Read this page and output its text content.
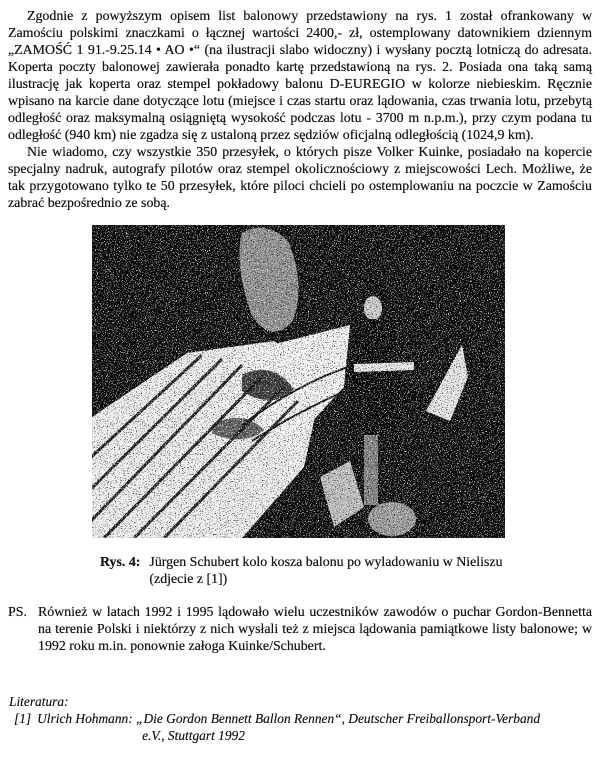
Zgodnie z powyższym opisem list balonowy przedstawiony na rys. 1 został ofrankowany w Zamościu polskimi znaczkami o łącznej wartości 2400,- zł, ostemplowany datownikiem dziennym „ZAMOŚĆ 1 91.-9.25.14 • AO •“ (na ilustracji slabo widoczny) i wysłany pocztą lotniczą do adresata. Koperta poczty balonowej zawierała ponadto kartę przedstawioną na rys. 2. Posiada ona taką samą ilustrację jak koperta oraz stempel pokładowy balonu D-EUREGIO w kolorze niebieskim. Ręcznie wpisano na karcie dane dotyczące lotu (miejsce i czas startu oraz lądowania, czas trwania lotu, przebytą odległość oraz maksymalną osiągniętą wysokość podczas lotu - 3700 m n.p.m.), przy czym podana tu odległość (940 km) nie zgadza się z ustaloną przez sędziów oficjalną odległością (1024,9 km).

Nie wiadomo, czy wszystkie 350 przesyłek, o których pisze Volker Kuinke, posiadało na kopercie specjalny nadruk, autografy pilotów oraz stempel okolicznościowy z miejscowości Lech. Możliwe, że tak przygotowano tylko te 50 przesyłek, które piloci chcieli po ostemplowaniu na poczcie w Zamościu zabrać bezpośrednio ze sobą.

Rys. 4: Jürgen Schubert kolo kosza balonu po wyladowaniu w Nieliszu
(zdjecie z [1])
PS. Również w latach 1992 i 1995 lądowało wielu uczestników zawodów o puchar Gordon-Bennetta na terenie Polski i niektórzy z nich wysłali też z miejsca lądowania pamiątkowe listy balonowe; w 1992 roku m.in. ponownie załoga Kuinke/Schubert.
Literatura:
[1] Ulrich Hohmann: „Die Gordon Bennett Ballon Rennen“, Deutscher Freiballonsport-Verband
e.V., Stuttgart 1992
